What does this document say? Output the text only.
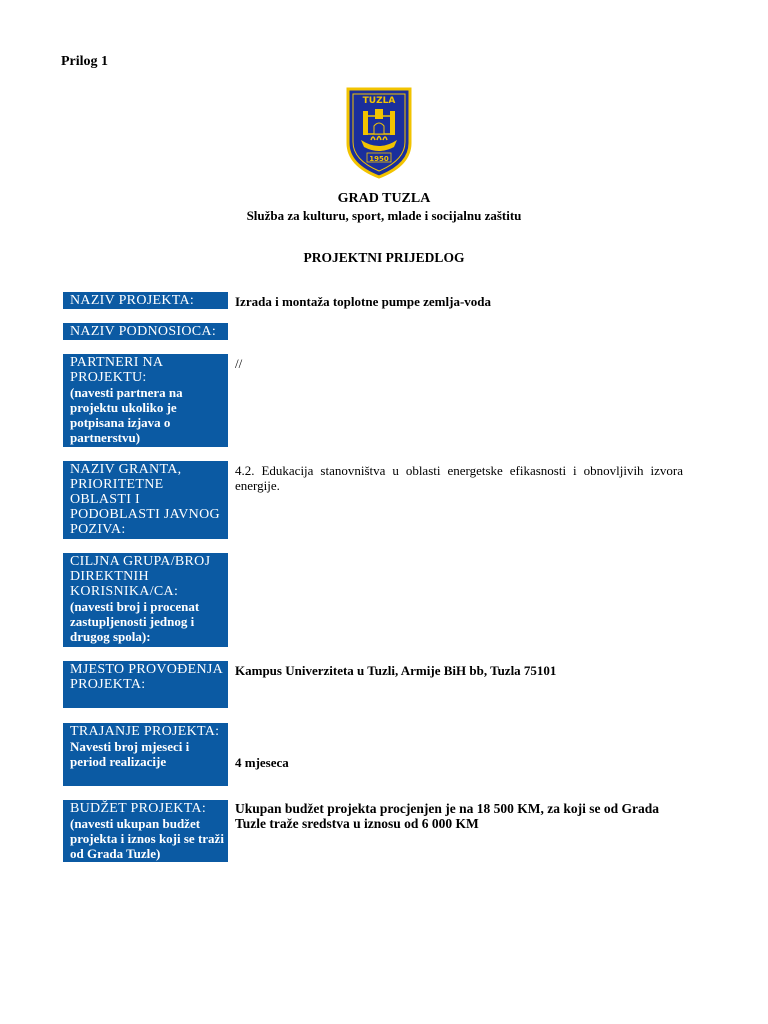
Prilog 1
TUZLA
1950
GRAD TUZLA
Služba za kulturu, sport, mlade i socijalnu zaštitu
PROJEKTNI PRIJEDLOG
NAZIV PROJEKTA:	Izrada i montaža toplotne pumpe zemlja-voda
NAZIV PODNOSIOCA:
PARTNERI NA PROJEKTU:
(navesti partnera na projektu ukoliko je potpisana izjava o partnerstvu)
//
NAZIV GRANTA, PRIORITETNE OBLASTI I PODOBLASTI JAVNOG POZIVA:
4.2. Edukacija stanovništva u oblasti energetske efikasnosti i obnovljivih izvora energije.
CILJNA GRUPA/BROJ DIREKTNIH KORISNIKA/CA:
(navesti broj i procenat zastupljenosti jednog i drugog spola):
MJESTO PROVOĐENJA PROJEKTA:
Kampus Univerziteta u Tuzli, Armije BiH bb, Tuzla 75101
TRAJANJE PROJEKTA:
Navesti broj mjeseci i period realizacije	4 mjeseca
BUDŽET PROJEKTA:
(navesti ukupan budžet projekta i iznos koji se traži od Grada Tuzle)
Ukupan budžet projekta procjenjen je na 18 500 KM, za koji se od Grada Tuzle traže sredstva u iznosu od 6 000 KM
